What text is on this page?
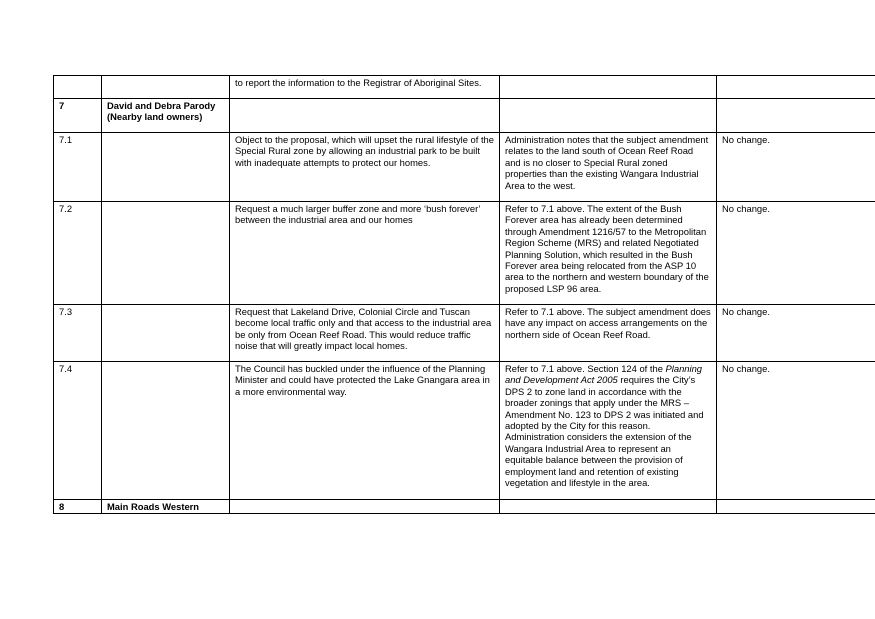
		to report the information to the Registrar of Aboriginal Sites.		
7	David and Debra Parody (Nearby land owners)			
7.1		Object to the proposal, which will upset the rural lifestyle of the Special Rural zone by allowing an industrial park to be built with inadequate attempts to protect our homes.	Administration notes that the subject amendment relates to the land south of Ocean Reef Road and is no closer to Special Rural zoned properties than the existing Wangara Industrial Area to the west.	No change.
7.2		Request a much larger buffer zone and more ‘bush forever’ between the industrial area and our homes	Refer to 7.1 above. The extent of the Bush Forever area has already been determined through Amendment 1216/57 to the Metropolitan Region Scheme (MRS) and related Negotiated Planning Solution, which resulted in the Bush Forever area being relocated from the ASP 10 area to the northern and western boundary of the proposed LSP 96 area.	No change.
7.3		Request that Lakeland Drive, Colonial Circle and Tuscan become local traffic only and that access to the industrial area be only from Ocean Reef Road. This would reduce traffic noise that will greatly impact local homes.	Refer to 7.1 above. The subject amendment does have any impact on access arrangements on the northern side of Ocean Reef Road.	No change.
7.4		The Council has buckled under the influence of the Planning Minister and could have protected the Lake Gnangara area in a more environmental way.	Refer to 7.1 above. Section 124 of the Planning and Development Act 2005 requires the City’s DPS 2 to zone land in accordance with the broader zonings that apply under the MRS – Amendment No. 123 to DPS 2 was initiated and adopted by the City for this reason. Administration considers the extension of the Wangara Industrial Area to represent an equitable balance between the provision of employment land and retention of existing vegetation and lifestyle in the area.	No change.
8	Main Roads Western			
